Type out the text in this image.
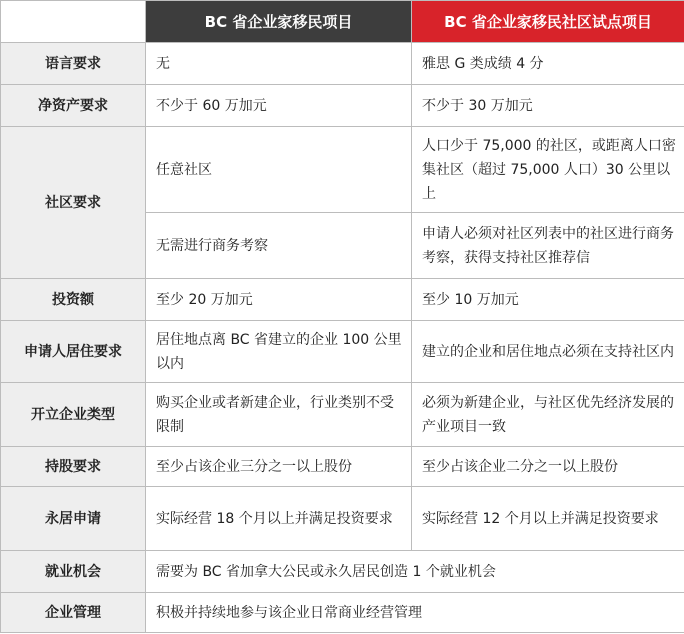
	BC 省企业家移民项目	BC 省企业家移民社区试点项目
语言要求	无	雅思 G 类成绩 4 分
净资产要求	不少于 60 万加元	不少于 30 万加元
社区要求	任意社区	人口少于 75,000 的社区，或距离人口密集社区（超过 75,000 人口）30 公里以上
	无需进行商务考察	申请人必须对社区列表中的社区进行商务考察，获得支持社区推荐信
投资额	至少 20 万加元	至少 10 万加元
申请人居住要求	居住地点离 BC 省建立的企业 100 公里以内	建立的企业和居住地点必须在支持社区内
开立企业类型	购买企业或者新建企业，行业类别不受限制	必须为新建企业，与社区优先经济发展的产业项目一致
持股要求	至少占该企业三分之一以上股份	至少占该企业二分之一以上股份
永居申请	实际经营 18 个月以上并满足投资要求	实际经营 12 个月以上并满足投资要求
就业机会	需要为 BC 省加拿大公民或永久居民创造 1 个就业机会	
企业管理	积极并持续地参与该企业日常商业经营管理	
